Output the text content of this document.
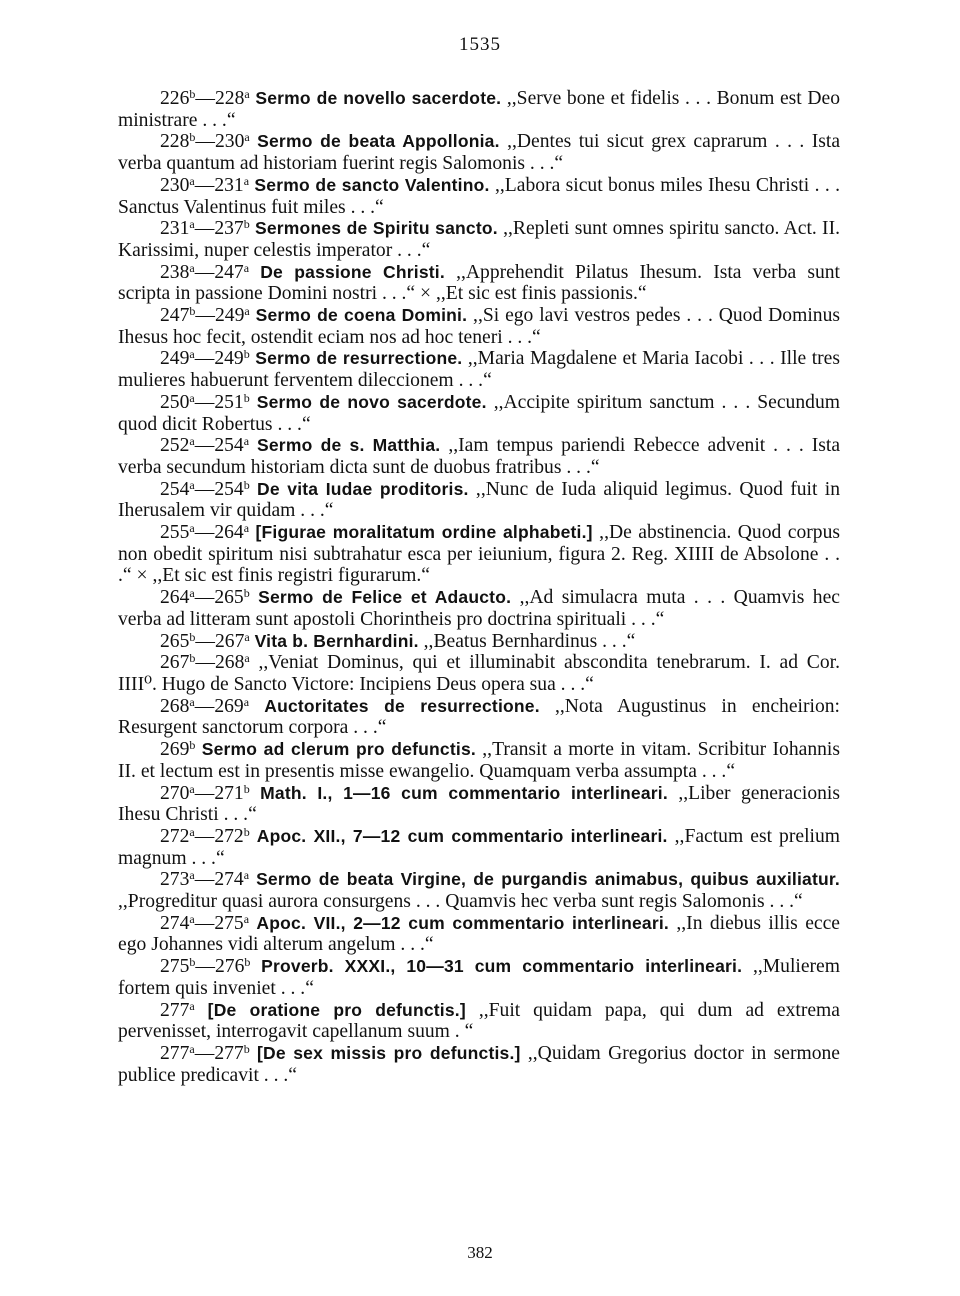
1535

226$^b$—228$^a$ Sermo de novello sacerdote. ,,Serve bone et fidelis . . . Bonum est Deo ministrare . . .“

228$^b$—230$^a$ Sermo de beata Appollonia. ,,Dentes tui sicut grex caprarum . . . Ista verba quantum ad historiam fuerint regis Salomonis . . .“

230$^a$—231$^a$ Sermo de sancto Valentino. ,,Labora sicut bonus miles Ihesu Christi . . . Sanctus Valentinus fuit miles . . .“

231$^a$—237$^b$ Sermones de Spiritu sancto. ,,Repleti sunt omnes spiritu sancto. Act. II. Karissimi, nuper celestis imperator . . .“

238$^a$—247$^a$ De passione Christi. ,,Apprehendit Pilatus Ihesum. Ista verba sunt scripta in passione Domini nostri . . .“ × ,,Et sic est finis passionis.“

247$^b$—249$^a$ Sermo de coena Domini. ,,Si ego lavi vestros pedes . . . Quod Dominus Ihesus hoc fecit, ostendit eciam nos ad hoc teneri . . .“

249$^a$—249$^b$ Sermo de resurrectione. ,,Maria Magdalene et Maria Iacobi . . . Ille tres mulieres habuerunt ferventem dileccionem . . .“

250$^a$—251$^b$ Sermo de novo sacerdote. ,,Accipite spiritum sanctum . . . Secundum quod dicit Robertus . . .“

252$^a$—254$^a$ Sermo de s. Matthia. ,,Iam tempus pariendi Rebecce advenit . . . Ista verba secundum historiam dicta sunt de duobus fratribus . . .“

254$^a$—254$^b$ De vita Iudae proditoris. ,,Nunc de Iuda aliquid legimus. Quod fuit in Iherusalem vir quidam . . .“

255$^a$—264$^a$ [Figurae moralitatum ordine alphabeti.] ,,De abstinencia. Quod corpus non obedit spiritum nisi subtrahatur esca per ieiunium, figura 2. Reg. XIIII de Absolone . . .“ × ,,Et sic est finis registri figurarum.“

264$^a$—265$^b$ Sermo de Felice et Adaucto. ,,Ad simulacra muta . . . Quamvis hec verba ad litteram sunt apostoli Chorintheis pro doctrina spirituali . . .“

265$^b$—267$^a$ Vita b. Bernhardini. ,,Beatus Bernhardinus . . .“

267$^b$—268$^a$ ,,Veniat Dominus, qui et illuminabit abscondita tenebrarum. I. ad Cor. IIII⁰. Hugo de Sancto Victore: Incipiens Deus opera sua . . .“

268$^a$—269$^a$ Auctoritates de resurrectione. ,,Nota Augustinus in encheirion: Resurgent sanctorum corpora . . .“

269$^b$ Sermo ad clerum pro defunctis. ,,Transit a morte in vitam. Scribitur Iohannis II. et lectum est in presentis misse ewangelio. Quamquam verba assumpta . . .“

270$^a$—271$^b$ Math. I., 1—16 cum commentario interlineari. ,,Liber generacionis Ihesu Christi . . .“

272$^a$—272$^b$ Apoc. XII., 7—12 cum commentario interlineari. ,,Factum est prelium magnum . . .“

273$^a$—274$^a$ Sermo de beata Virgine, de purgandis animabus, quibus auxiliatur. ,,Progreditur quasi aurora consurgens . . . Quamvis hec verba sunt regis Salomonis . . .“

274$^a$—275$^a$ Apoc. VII., 2—12 cum commentario interlineari. ,,In diebus illis ecce ego Johannes vidi alterum angelum . . .“

275$^b$—276$^b$ Proverb. XXXI., 10—31 cum commentario interlineari. ,,Mulierem fortem quis inveniet . . .“

277$^a$ [De oratione pro defunctis.] ,,Fuit quidam papa, qui dum ad extrema pervenisset, interrogavit capellanum suum . “

277$^a$—277$^b$ [De sex missis pro defunctis.] ,,Quidam Gregorius doctor in sermone publice predicavit . . .“

382
